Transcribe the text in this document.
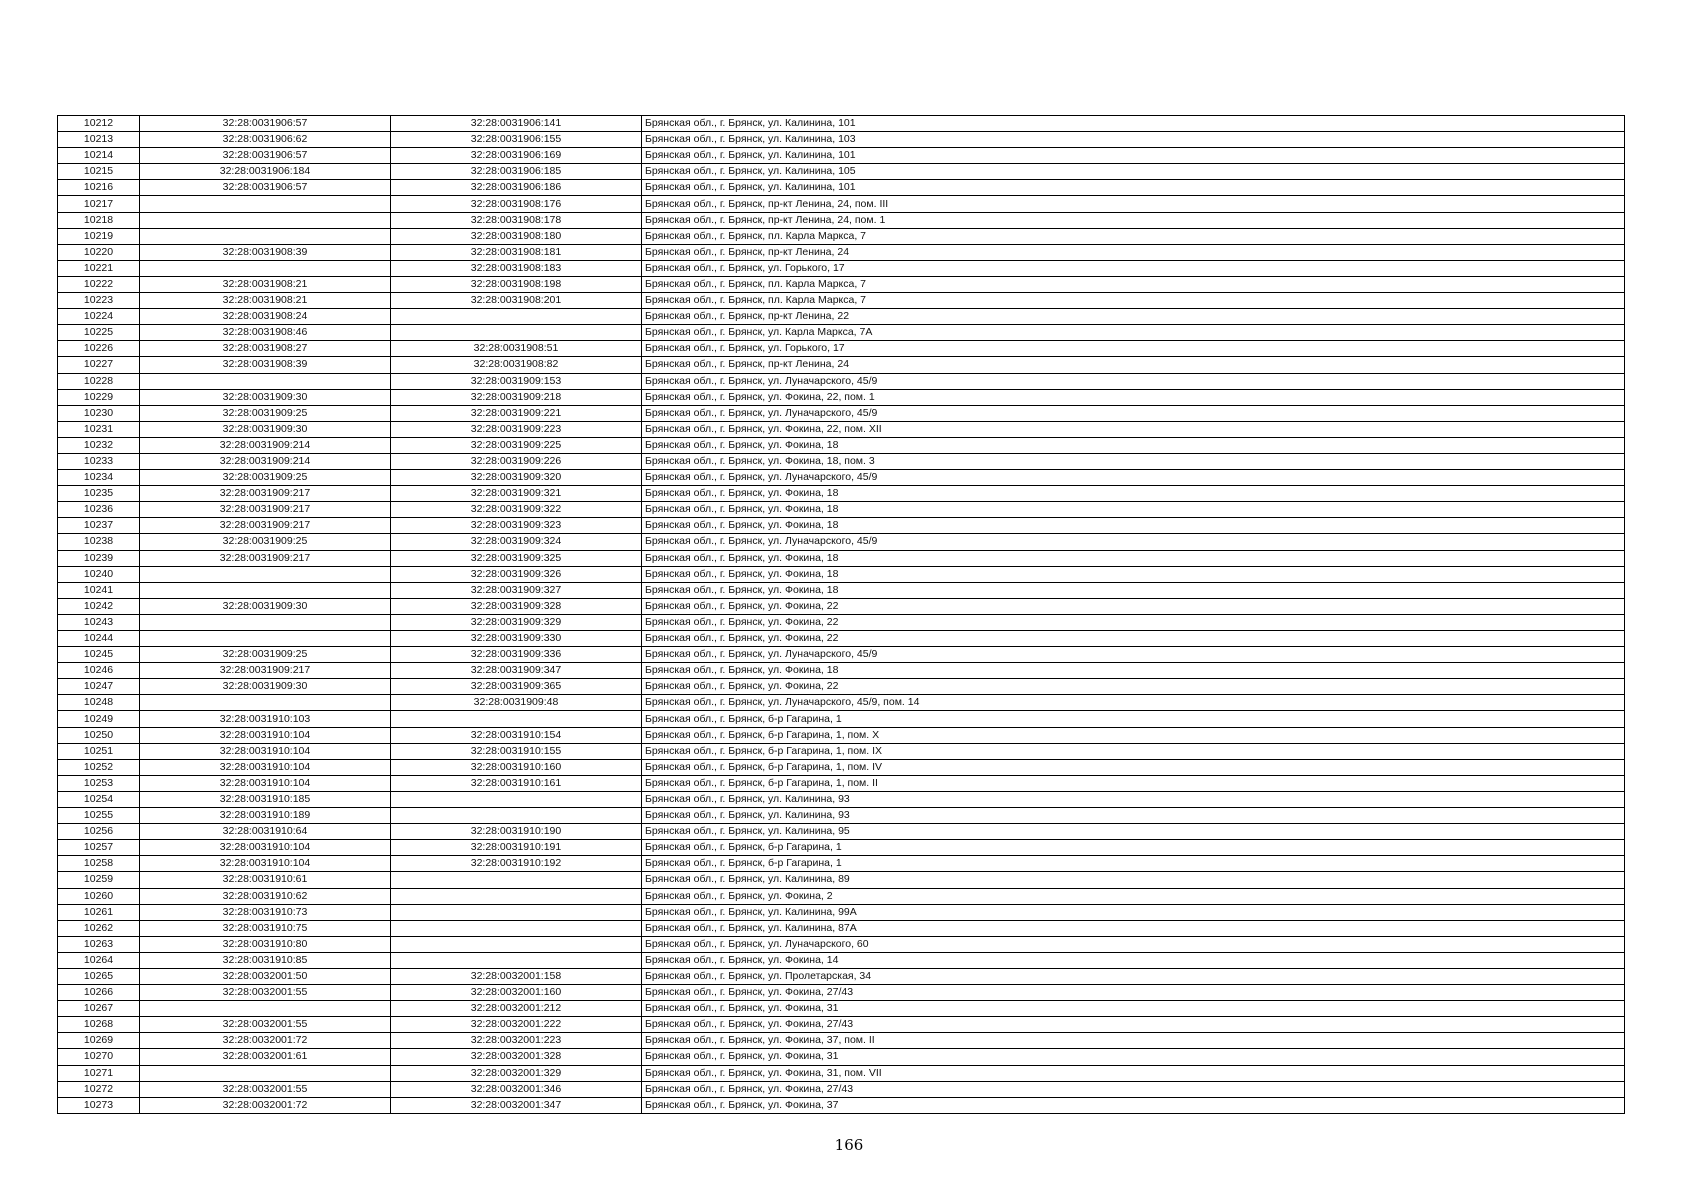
10212	32:28:0031906:57	32:28:0031906:141	Брянская обл., г. Брянск, ул. Калинина, 101
10213	32:28:0031906:62	32:28:0031906:155	Брянская обл., г. Брянск, ул. Калинина, 103
10214	32:28:0031906:57	32:28:0031906:169	Брянская обл., г. Брянск, ул. Калинина, 101
10215	32:28:0031906:184	32:28:0031906:185	Брянская обл., г. Брянск, ул. Калинина, 105
10216	32:28:0031906:57	32:28:0031906:186	Брянская обл., г. Брянск, ул. Калинина, 101
10217		32:28:0031908:176	Брянская обл., г. Брянск, пр-кт Ленина, 24, пом. III
10218		32:28:0031908:178	Брянская обл., г. Брянск, пр-кт Ленина, 24, пом. 1
10219		32:28:0031908:180	Брянская обл., г. Брянск, пл. Карла Маркса, 7
10220	32:28:0031908:39	32:28:0031908:181	Брянская обл., г. Брянск, пр-кт Ленина, 24
10221		32:28:0031908:183	Брянская обл., г. Брянск, ул. Горького, 17
10222	32:28:0031908:21	32:28:0031908:198	Брянская обл., г. Брянск, пл. Карла Маркса, 7
10223	32:28:0031908:21	32:28:0031908:201	Брянская обл., г. Брянск, пл. Карла Маркса, 7
10224	32:28:0031908:24		Брянская обл., г. Брянск, пр-кт Ленина, 22
10225	32:28:0031908:46		Брянская обл., г. Брянск, ул. Карла Маркса, 7А
10226	32:28:0031908:27	32:28:0031908:51	Брянская обл., г. Брянск, ул. Горького, 17
10227	32:28:0031908:39	32:28:0031908:82	Брянская обл., г. Брянск, пр-кт Ленина, 24
10228		32:28:0031909:153	Брянская обл., г. Брянск, ул. Луначарского, 45/9
10229	32:28:0031909:30	32:28:0031909:218	Брянская обл., г. Брянск, ул. Фокина, 22, пом. 1
10230	32:28:0031909:25	32:28:0031909:221	Брянская обл., г. Брянск, ул. Луначарского, 45/9
10231	32:28:0031909:30	32:28:0031909:223	Брянская обл., г. Брянск, ул. Фокина, 22, пом. XII
10232	32:28:0031909:214	32:28:0031909:225	Брянская обл., г. Брянск, ул. Фокина, 18
10233	32:28:0031909:214	32:28:0031909:226	Брянская обл., г. Брянск, ул. Фокина, 18, пом. 3
10234	32:28:0031909:25	32:28:0031909:320	Брянская обл., г. Брянск, ул. Луначарского, 45/9
10235	32:28:0031909:217	32:28:0031909:321	Брянская обл., г. Брянск, ул. Фокина, 18
10236	32:28:0031909:217	32:28:0031909:322	Брянская обл., г. Брянск, ул. Фокина, 18
10237	32:28:0031909:217	32:28:0031909:323	Брянская обл., г. Брянск, ул. Фокина, 18
10238	32:28:0031909:25	32:28:0031909:324	Брянская обл., г. Брянск, ул. Луначарского, 45/9
10239	32:28:0031909:217	32:28:0031909:325	Брянская обл., г. Брянск, ул. Фокина, 18
10240		32:28:0031909:326	Брянская обл., г. Брянск, ул. Фокина, 18
10241		32:28:0031909:327	Брянская обл., г. Брянск, ул. Фокина, 18
10242	32:28:0031909:30	32:28:0031909:328	Брянская обл., г. Брянск, ул. Фокина, 22
10243		32:28:0031909:329	Брянская обл., г. Брянск, ул. Фокина, 22
10244		32:28:0031909:330	Брянская обл., г. Брянск, ул. Фокина, 22
10245	32:28:0031909:25	32:28:0031909:336	Брянская обл., г. Брянск, ул. Луначарского, 45/9
10246	32:28:0031909:217	32:28:0031909:347	Брянская обл., г. Брянск, ул. Фокина, 18
10247	32:28:0031909:30	32:28:0031909:365	Брянская обл., г. Брянск, ул. Фокина, 22
10248		32:28:0031909:48	Брянская обл., г. Брянск, ул. Луначарского, 45/9, пом. 14
10249	32:28:0031910:103		Брянская обл., г. Брянск, б-р Гагарина, 1
10250	32:28:0031910:104	32:28:0031910:154	Брянская обл., г. Брянск, б-р Гагарина, 1, пом. X
10251	32:28:0031910:104	32:28:0031910:155	Брянская обл., г. Брянск, б-р Гагарина, 1, пом. IX
10252	32:28:0031910:104	32:28:0031910:160	Брянская обл., г. Брянск, б-р Гагарина, 1, пом. IV
10253	32:28:0031910:104	32:28:0031910:161	Брянская обл., г. Брянск, б-р Гагарина, 1, пом. II
10254	32:28:0031910:185		Брянская обл., г. Брянск, ул. Калинина, 93
10255	32:28:0031910:189		Брянская обл., г. Брянск, ул. Калинина, 93
10256	32:28:0031910:64	32:28:0031910:190	Брянская обл., г. Брянск, ул. Калинина, 95
10257	32:28:0031910:104	32:28:0031910:191	Брянская обл., г. Брянск, б-р Гагарина, 1
10258	32:28:0031910:104	32:28:0031910:192	Брянская обл., г. Брянск, б-р Гагарина, 1
10259	32:28:0031910:61		Брянская обл., г. Брянск, ул. Калинина, 89
10260	32:28:0031910:62		Брянская обл., г. Брянск, ул. Фокина, 2
10261	32:28:0031910:73		Брянская обл., г. Брянск, ул. Калинина, 99А
10262	32:28:0031910:75		Брянская обл., г. Брянск, ул. Калинина, 87А
10263	32:28:0031910:80		Брянская обл., г. Брянск, ул. Луначарского, 60
10264	32:28:0031910:85		Брянская обл., г. Брянск, ул. Фокина, 14
10265	32:28:0032001:50	32:28:0032001:158	Брянская обл., г. Брянск, ул. Пролетарская, 34
10266	32:28:0032001:55	32:28:0032001:160	Брянская обл., г. Брянск, ул. Фокина, 27/43
10267		32:28:0032001:212	Брянская обл., г. Брянск, ул. Фокина, 31
10268	32:28:0032001:55	32:28:0032001:222	Брянская обл., г. Брянск, ул. Фокина, 27/43
10269	32:28:0032001:72	32:28:0032001:223	Брянская обл., г. Брянск, ул. Фокина, 37, пом. II
10270	32:28:0032001:61	32:28:0032001:328	Брянская обл., г. Брянск, ул. Фокина, 31
10271		32:28:0032001:329	Брянская обл., г. Брянск, ул. Фокина, 31, пом. VII
10272	32:28:0032001:55	32:28:0032001:346	Брянская обл., г. Брянск, ул. Фокина, 27/43
10273	32:28:0032001:72	32:28:0032001:347	Брянская обл., г. Брянск, ул. Фокина, 37
166
